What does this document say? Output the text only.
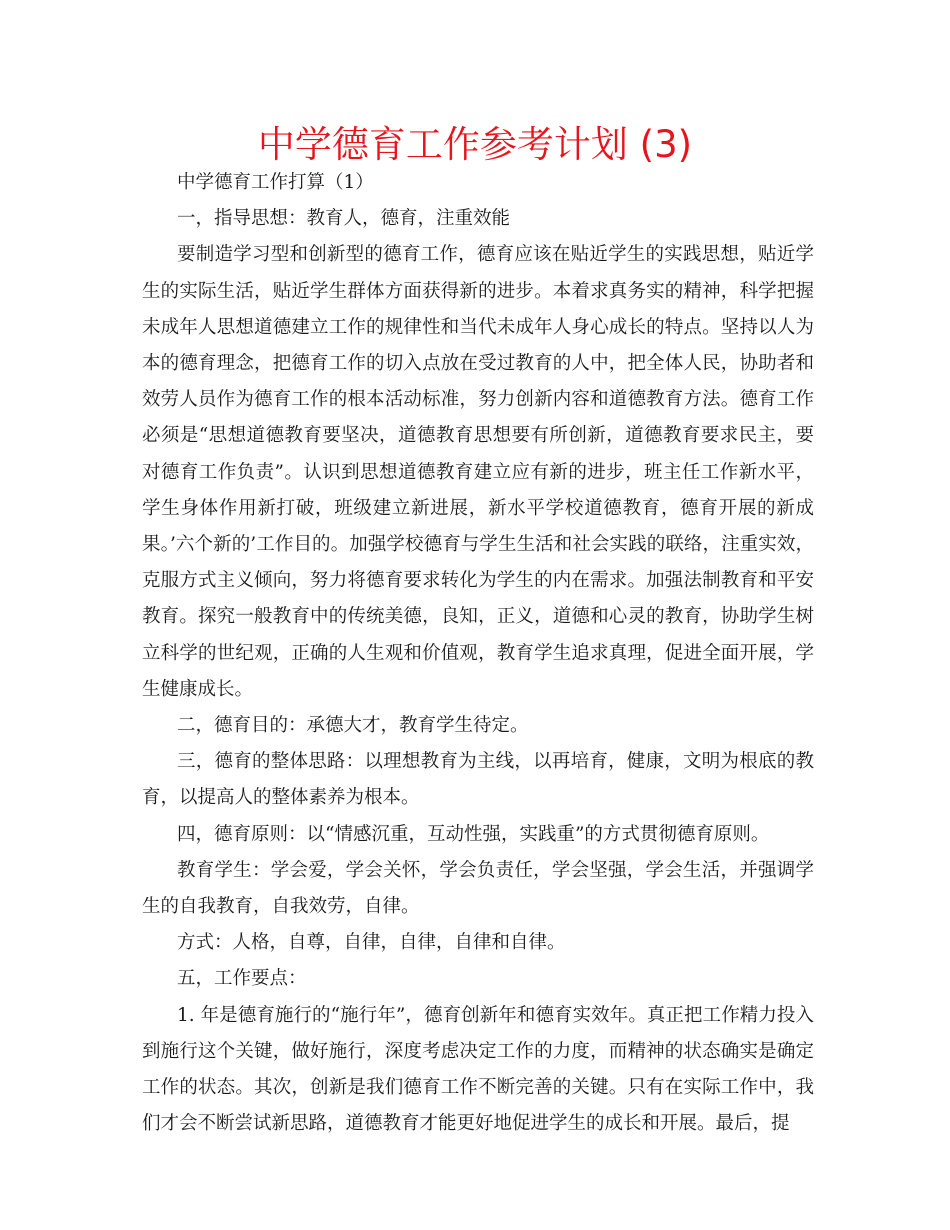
中学德育工作参考计划 (3)

中学德育工作打算（1）

一，指导思想：教育人，德育，注重效能

要制造学习型和创新型的德育工作，德育应该在贴近学生的实践思想，贴近学生的实际生活，贴近学生群体方面获得新的进步。本着求真务实的精神，科学把握未成年人思想道德建立工作的规律性和当代未成年人身心成长的特点。坚持以人为本的德育理念，把德育工作的切入点放在受过教育的人中，把全体人民，协助者和效劳人员作为德育工作的根本活动标准，努力创新内容和道德教育方法。德育工作必须是“思想道德教育要坚决，道德教育思想要有所创新，道德教育要求民主，要对德育工作负责”。认识到思想道德教育建立应有新的进步，班主任工作新水平，学生身体作用新打破，班级建立新进展，新水平学校道德教育，德育开展的新成果。’六个新的’工作目的。加强学校德育与学生生活和社会实践的联络，注重实效，克服方式主义倾向，努力将德育要求转化为学生的内在需求。加强法制教育和平安教育。探究一般教育中的传统美德，良知，正义，道德和心灵的教育，协助学生树立科学的世纪观，正确的人生观和价值观，教育学生追求真理，促进全面开展，学生健康成长。

二，德育目的：承德大才，教育学生待定。

三，德育的整体思路：以理想教育为主线，以再培育，健康，文明为根底的教育，以提高人的整体素养为根本。

四，德育原则：以“情感沉重，互动性强，实践重”的方式贯彻德育原则。

教育学生：学会爱，学会关怀，学会负责任，学会坚强，学会生活，并强调学生的自我教育，自我效劳，自律。

方式：人格，自尊，自律，自律，自律和自律。

五，工作要点：

1. 年是德育施行的“施行年”，德育创新年和德育实效年。真正把工作精力投入到施行这个关键，做好施行，深度考虑决定工作的力度，而精神的状态确实是确定工作的状态。其次，创新是我们德育工作不断完善的关键。只有在实际工作中，我们才会不断尝试新思路，道德教育才能更好地促进学生的成长和开展。最后，提
